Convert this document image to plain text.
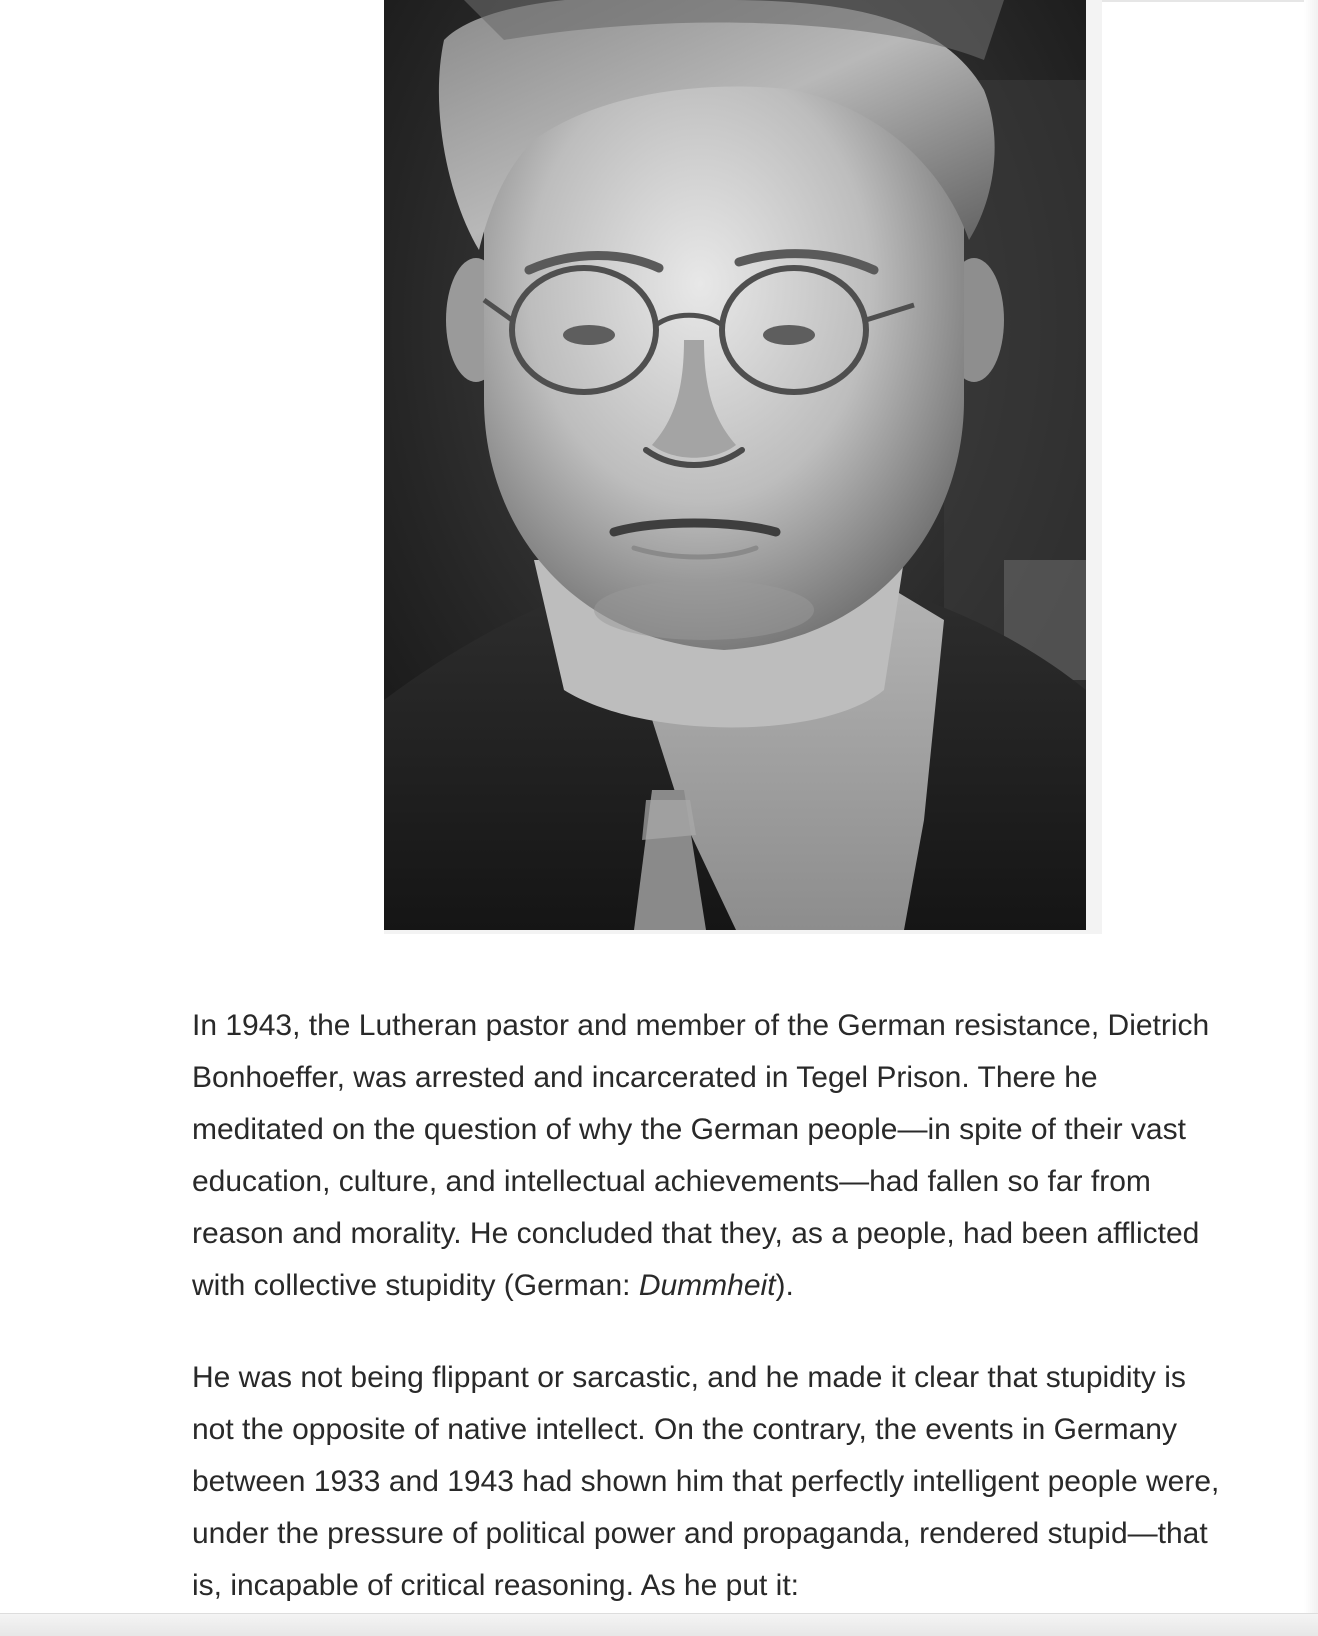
In 1943, the Lutheran pastor and member of the German resistance, Dietrich
Bonhoeffer, was arrested and incarcerated in Tegel Prison. There he
meditated on the question of why the German people—in spite of their vast
education, culture, and intellectual achievements—had fallen so far from
reason and morality. He concluded that they, as a people, had been afflicted
with collective stupidity (German: Dummheit).

He was not being flippant or sarcastic, and he made it clear that stupidity is
not the opposite of native intellect. On the contrary, the events in Germany
between 1933 and 1943 had shown him that perfectly intelligent people were,
under the pressure of political power and propaganda, rendered stupid—that
is, incapable of critical reasoning. As he put it:
